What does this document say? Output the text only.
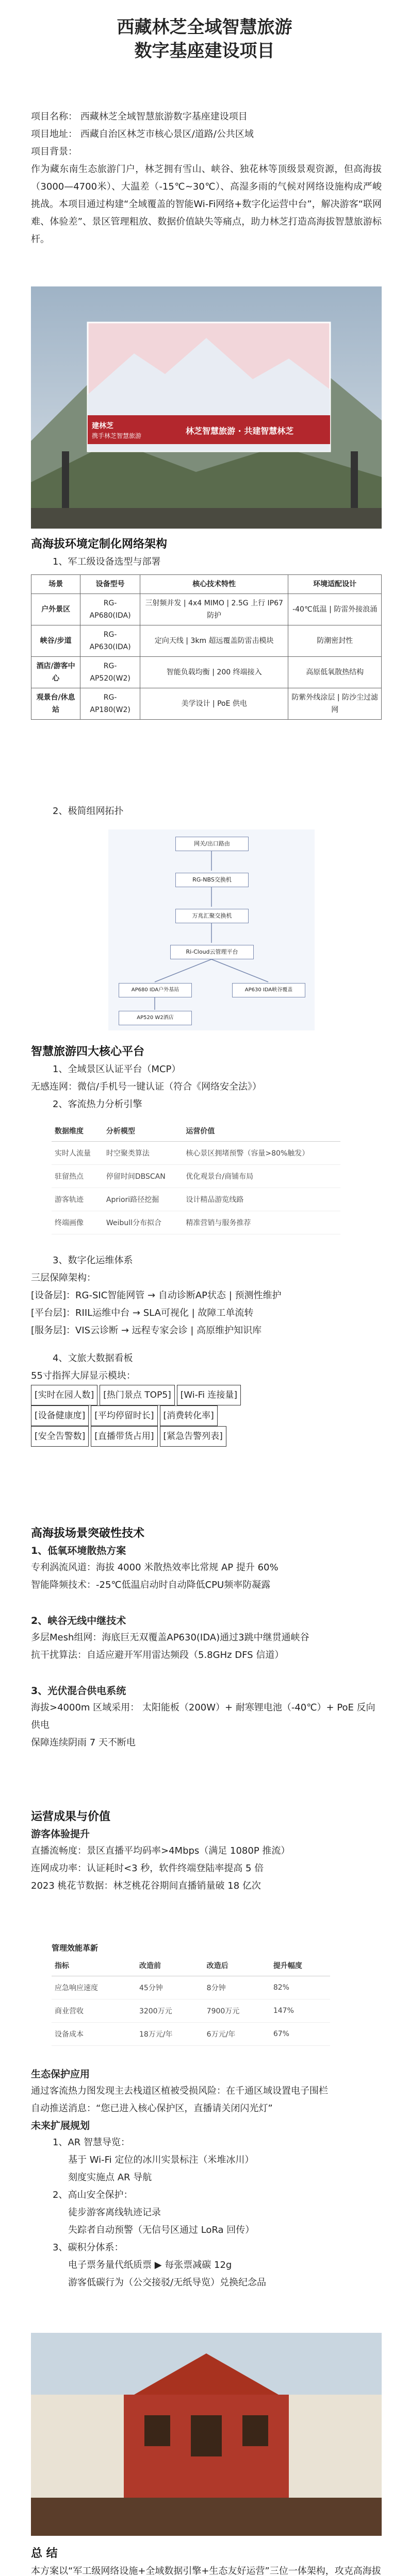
西藏林芝全域智慧旅游

数字基座建设项目

项目名称： 西藏林芝全域智慧旅游数字基座建设项目

项目地址： 西藏自治区林芝市核心景区/道路/公共区域

项目背景：

作为藏东南生态旅游门户，林芝拥有雪山、峡谷、独花林等顶级景观资源，但高海拔（3000—4700米）、大温差（-15℃~30℃）、高湿多雨的气候对网络设施构成严峻挑战。本项目通过构建“全域覆盖的智能Wi-Fi网络+数字化运营中台”，解决游客“联网难、体验差”、景区管理粗放、数据价值缺失等痛点，助力林芝打造高海拔智慧旅游标杆。

建林芝
携手林芝智慧旅游	林芝智慧旅游 · 共建智慧林芝

高海拔环境定制化网络架构

1、军工级设备选型与部署

场景	设备型号	核心技术特性	环境适配设计
户外景区	RG-AP680(IDA)	三射频并发 | 4x4 MIMO | 2.5G 上行 IP67 防护	-40℃低温 | 防雷外接浪涌
峡谷/步道	RG-AP630(IDA)	定向天线 | 3km 超远覆盖防雷击模块	防潮密封性
酒店/游客中心	RG-AP520(W2)	智能负载均衡 | 200 终端接入	高原低氧散热结构
观景台/休息站	RG-AP180(W2)	美学设计 | PoE 供电	防紫外线涂层 | 防沙尘过滤网

2、极简组网拓扑

网关/出口路由
RG-NBS交换机
万兆汇聚交换机
Ri-Cloud云管理平台
AP680 IDA户外基站	AP630 IDA峡谷覆盖
AP520 W2酒店

智慧旅游四大核心平台

1、全域景区认证平台（MCP）

无感连网：微信/手机号一键认证（符合《网络安全法》）

2、客流热力分析引擎

数据维度	分析模型	运营价值
实时人流量	时空聚类算法	核心景区拥堵预警（容量>80%触发）
驻留热点	停留时间DBSCAN	优化观景台/商铺布局
游客轨迹	Apriori路径挖掘	设计精品游览线路
终端画像	Weibull分布拟合	精准营销与服务推荐

3、数字化运维体系

三层保障架构：

[设备层]：RG-SIC智能网管 → 自动诊断AP状态 | 预测性维护

[平台层]：RIIL运维中台 → SLA可视化 | 故障工单流转

[服务层]：VIS云诊断 → 远程专家会诊 | 高原维护知识库

4、文旅大数据看板

55寸指挥大屏显示模块：

[实时在园人数] [热门景点 TOP5] [Wi-Fi 连接量]
[设备健康度] [平均停留时长] [消费转化率]
[安全告警数] [直播带货占用] [紧急告警列表]

高海拔场景突破性技术

1、低氧环境散热方案

专利涡流风道：海拔 4000 米散热效率比常规 AP 提升 60%

智能降频技术：-25℃低温启动时自动降低CPU频率防凝露

2、峡谷无线中继技术

多层Mesh组网：海底巨无双覆盖AP630(IDA)通过3跳中继贯通峡谷

抗干扰算法：自适应避开军用雷达频段（5.8GHz DFS 信道）

3、光伏混合供电系统

海拔>4000m 区域采用： 太阳能板（200W）+ 耐寒锂电池（-40℃）+ PoE 反向供电

保障连续阴雨 7 天不断电

运营成果与价值

游客体验提升

直播流畅度：景区直播平均码率>4Mbps（满足 1080P 推流）

连网成功率：认证耗时<3 秒，软件终端登陆率提高 5 倍

2023 桃花节数据：林芝桃花谷期间直播销量破 18 亿次

管理效能革新

指标	改造前	改造后	提升幅度
应急响应速度	45分钟	8分钟	82%
商业营收	3200万元	7900万元	147%
设备成本	18万元/年	6万元/年	67%

生态保护应用

通过客流热力图发现主去栈道区植被受损风险：在千通区域设置电子围栏

自动推送消息：“您已进入核心保护区，直播请关闭闪光灯”

未来扩展规划

1、AR 智慧导览：

基于 Wi-Fi 定位的冰川实景标注（米堆冰川）

刻度实施点 AR 导航

2、高山安全保护：

徒步游客离线轨迹记录

失踪者自动预警（无信号区通过 LoRa 回传）

3、碳积分体系：

电子票务量代纸质票 ▶ 每张票减碳 12g

游客低碳行为（公交接驳/无纸导览）兑换纪念品

总 结

本方案以“军工级网络设施+全域数据引擎+生态友好运营”三位一体架构，攻克高海拔
